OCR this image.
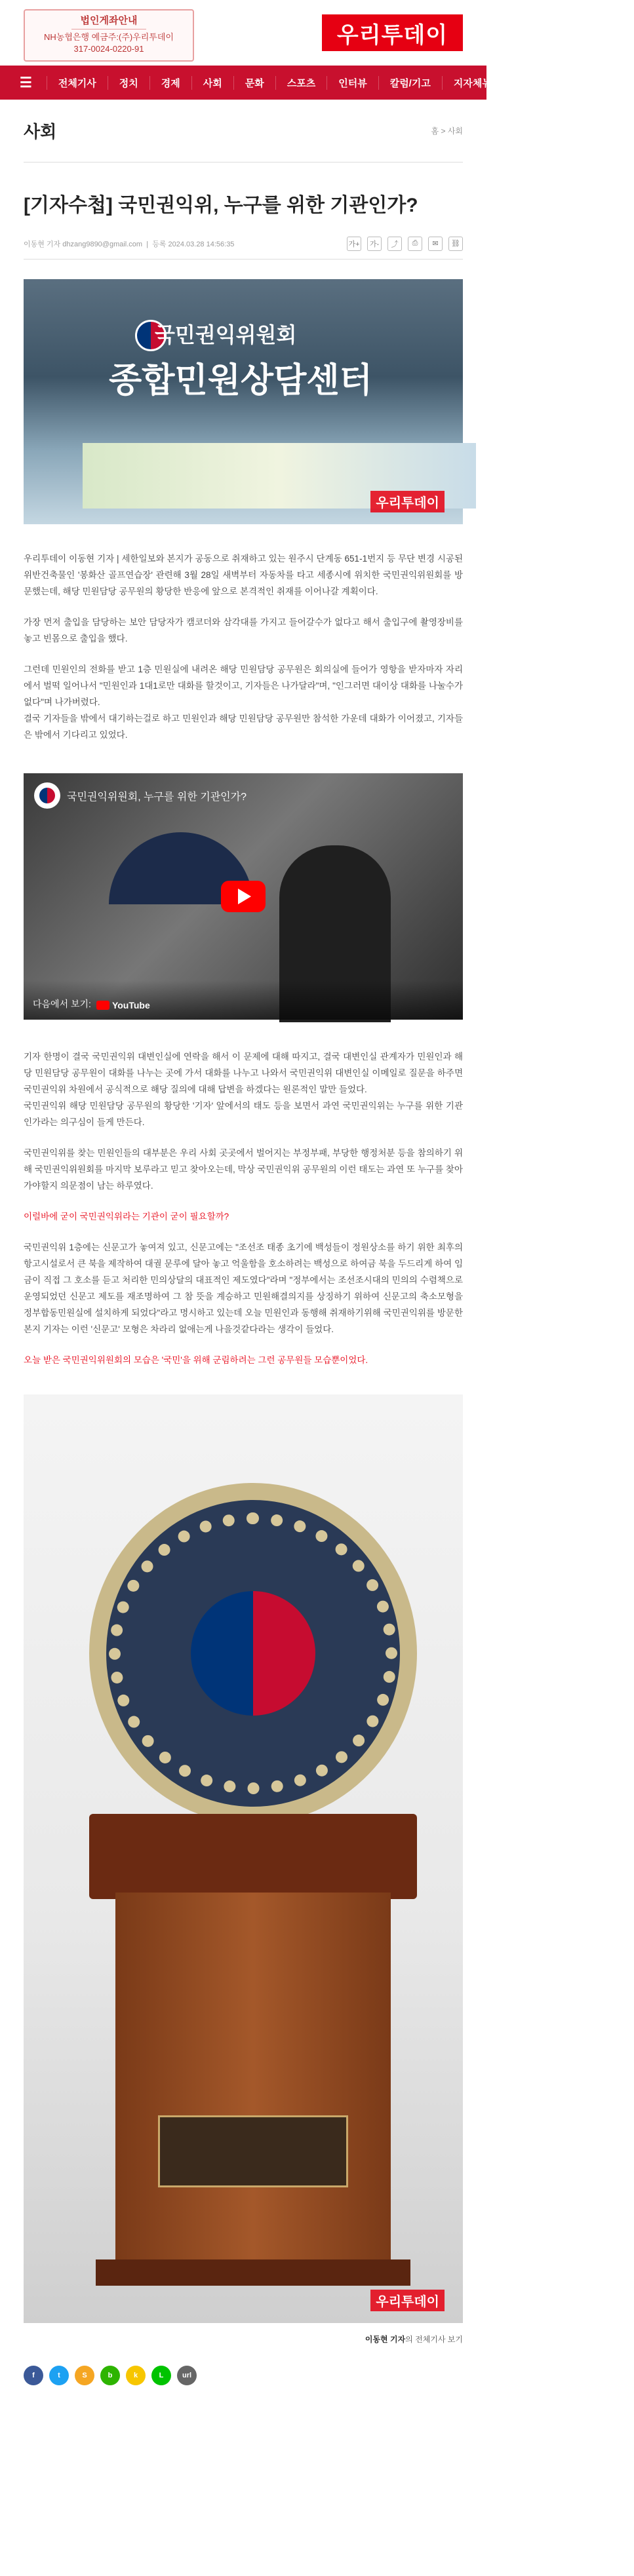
법인게좌안내
NH농협은행 예금주:(주)우리투데이
317-0024-0220-91
우리투데이
☰	전체기사	정치	경제	사회	문화	스포츠	인터뷰	칼럼/기고	지자체뉴스	특별기획	포토뉴스
사회	홈 > 사회
[기자수첩] 국민권익위, 누구를 위한 기관인가?
이동현 기자 dhzang9890@gmail.com  |  등록 2024.03.28 14:56:35	가+	가-	⤴	⎙	✉	⛓
국민권익위원회
종합민원상담센터
우리투데이

우리투데이 이동현 기자 | 세한일보와 본지가 공동으로 취재하고 있는 원주시 단계동 651-1번지 등 무단 변경 시공된 위반건축물인 '봉화산 골프연습장' 관련해 3월 28일 새벽부터 자동차를 타고 세종시에 위치한 국민권익위원회를 방문했는데, 해당 민원담당 공무원의 황당한 반응에 앞으로 본격적인 취재를 이어나갈 계획이다.

가장 먼저 출입을 담당하는 보안 담당자가 캠코더와 삼각대를 가지고 들어갈수가 없다고 해서 출입구에 촬영장비를 놓고 빈몸으로 출입을 했다.

그런데 민원인의 전화를 받고 1층 민원실에 내려온 해당 민원담당 공무원은 회의실에 들어가 영항을 받자마자 자리에서 벌떡 일어나서 "민원인과 1대1로만 대화를 할것이고, 기자들은 나가달라"며, "인그러면 대이상 대화를 나눌수가 없다"며 나가버렸다.

결국 기자들을 밖에서 대기하는걸로 하고 민원인과 해당 민원담당 공무원만 참석한 가운데 대화가 이어졌고, 기자들은 밖에서 기다리고 있었다.

국민권익위원회, 누구를 위한 기관인가?
다음에서 보기: YouTube

기자 한명이 결국 국민권익위 대변인실에 연락을 해서 이 문제에 대해 따지고, 결국 대변인실 관계자가 민원인과 해당 민원담당 공무원이 대화를 나누는 곳에 가서 대화를 나누고 나와서 국민권익위 대변인실 이메일로 질문을 하주면 국민권익위 차원에서 공식적으로 해당 질의에 대해 답변을 하겠다는 원론적인 말만 들었다.

국민권익위 해당 민원담당 공무원의 황당한 '기자' 앞에서의 태도 등을 보면서 과연 국민권익위는 누구를 위한 기관인가라는 의구심이 들게 만든다.

국민권익위를 찾는 민원인들의 대부분은 우리 사회 곳곳에서 벌어지는 부정부패, 부당한 행정처분 등을 참의하기 위해 국민권익위원회를 마지막 보루라고 믿고 찾아오는데, 막상 국민권익위 공무원의 이런 태도는 과연 또 누구를 찾아가야할지 의문점이 남는 하루였다.

이럴바에 굳이 국민권익위라는 기관이 굳이 필요할까?

국민권익위 1층에는 신문고가 놓여져 있고, 신문고에는 "조선조 태종 초기에 백성들이 정원상소를 하기 위한 최후의 항고시설로서 큰 북을 제작하여 대궐 문루에 달아 놓고 억울함을 호소하려는 백성으로 하여금 북을 두드리게 하여 임금이 직접 그 호소를 듣고 처리한 민의상달의 대표적인 제도였다"라며 "정부에서는 조선조시대의 민의의 수렴책으로 운영되었던 신문고 제도를 재조명하여 그 참 뜻을 계승하고 민원해결의지를 상징하기 위하여 신문고의 축소모형을 정부합동민원실에 설치하게 되었다"라고 명시하고 있는데 오늘 민원인과 동행해 취재하기위해 국민권익위를 방문한 본지 기자는 이런 '신문고' 모형은 차라리 없애는게 나을것같다라는 생각이 들었다.

오늘 받은 국민권익위원회의 모습은 '국민'을 위해 군림하려는 그런 공무원들 모습뿐이었다.

우리투데이
이동현 기자의 전체기사 보기
f	t	S	b	k	L	url
